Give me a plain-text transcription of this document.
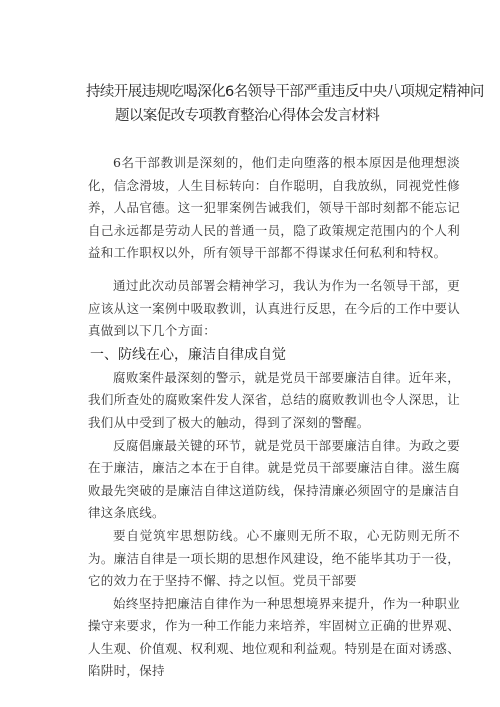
持续开展违规吃喝深化6名领导干部严重违反中央八项规定精神问
题以案促改专项教育整治心得体会发言材料

6名干部教训是深刻的，他们走向堕落的根本原因是他理想淡化，信念滑坡，人生目标转向：自作聪明，自我放纵，同视党性修养，人品官德。这一犯罪案例告诫我们，领导干部时刻都不能忘记自己永远都是劳动人民的普通一员，隐了政策规定范围内的个人利益和工作职权以外，所有领导干部都不得谋求任何私利和特权。

通过此次动员部署会精神学习，我认为作为一名领导干部，更应该从这一案例中吸取教训，认真进行反思，在今后的工作中要认真做到以下几个方面：

一、防线在心，廉洁自律成自觉

腐败案件最深刻的警示，就是党员干部要廉洁自律。近年来，我们所查处的腐败案件发人深省，总结的腐败教训也令人深思，让我们从中受到了极大的触动，得到了深刻的警醒。

反腐倡廉最关键的环节，就是党员干部要廉洁自律。为政之要在于廉洁，廉洁之本在于自律。就是党员干部要廉洁自律。滋生腐败最先突破的是廉洁自律这道防线，保持清廉必须固守的是廉洁自律这条底线。

要自觉筑牢思想防线。心不廉则无所不取，心无防则无所不为。廉洁自律是一项长期的思想作风建设，绝不能毕其功于一役，它的效力在于坚持不懈、持之以恒。党员干部要

始终坚持把廉洁自律作为一种思想境界来提升，作为一种职业操守来要求，作为一种工作能力来培养，牢固树立正确的世界观、人生观、价值观、权利观、地位观和利益观。特别是在面对诱惑、陷阱时，保持
